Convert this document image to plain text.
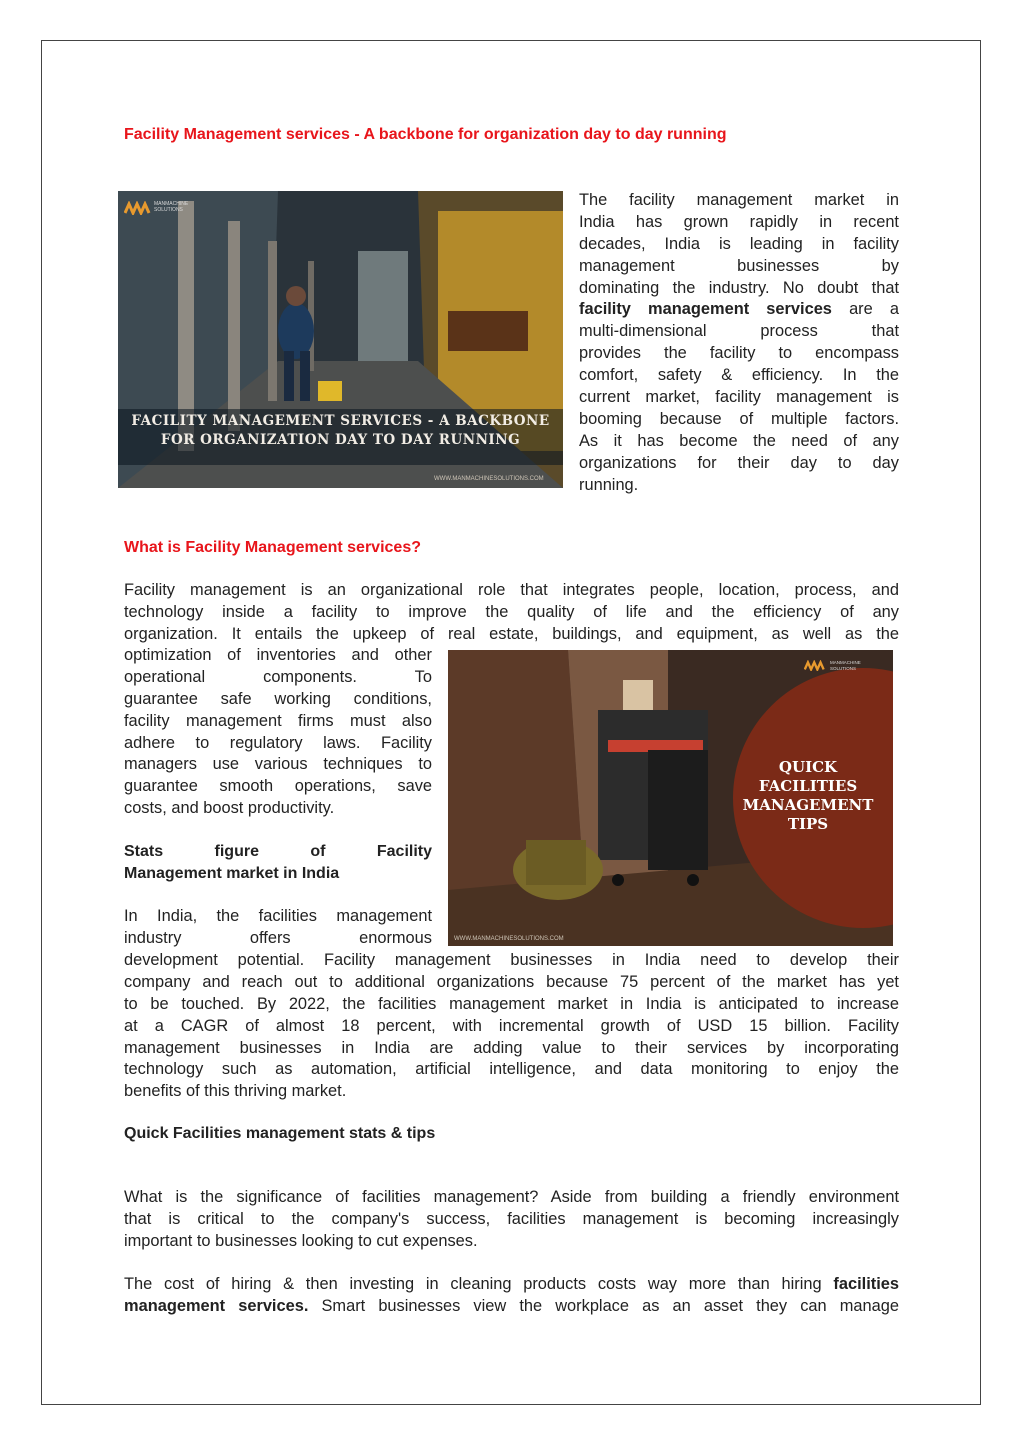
Facility Management services - A backbone for organization day to day running
MANMACHINE SOLUTIONS
FACILITY MANAGEMENT SERVICES - A BACKBONE
FOR ORGANIZATION DAY TO DAY RUNNING
WWW.MANMACHINESOLUTIONS.COM
The facility management market in
India has grown rapidly in recent
decades, India is leading in facility
management businesses by
dominating the industry. No doubt that
facility management services are a
multi-dimensional process that
provides the facility to encompass
comfort, safety & efficiency. In the
current market, facility management is
booming because of multiple factors.
As it has become the need of any
organizations for their day to day
running.
What is Facility Management services?
Facility management is an organizational role that integrates people, location, process, and
technology inside a facility to improve the quality of life and the efficiency of any
organization. It entails the upkeep of real estate, buildings, and equipment, as well as the
optimization of inventories and other
operational components. To
guarantee safe working conditions,
facility management firms must also
adhere to regulatory laws. Facility
managers use various techniques to
guarantee smooth operations, save
costs, and boost productivity.
QUICK
FACILITIES
MANAGEMENT
TIPS
MANMACHINE SOLUTIONS
WWW.MANMACHINESOLUTIONS.COM
Stats figure of Facility
Management market in India
In India, the facilities management
industry offers enormous
development potential. Facility management businesses in India need to develop their
company and reach out to additional organizations because 75 percent of the market has yet
to be touched. By 2022, the facilities management market in India is anticipated to increase
at a CAGR of almost 18 percent, with incremental growth of USD 15 billion. Facility
management businesses in India are adding value to their services by incorporating
technology such as automation, artificial intelligence, and data monitoring to enjoy the
benefits of this thriving market.
Quick Facilities management stats & tips
What is the significance of facilities management? Aside from building a friendly environment
that is critical to the company's success, facilities management is becoming increasingly
important to businesses looking to cut expenses.
The cost of hiring & then investing in cleaning products costs way more than hiring facilities
management services. Smart businesses view the workplace as an asset they can manage
